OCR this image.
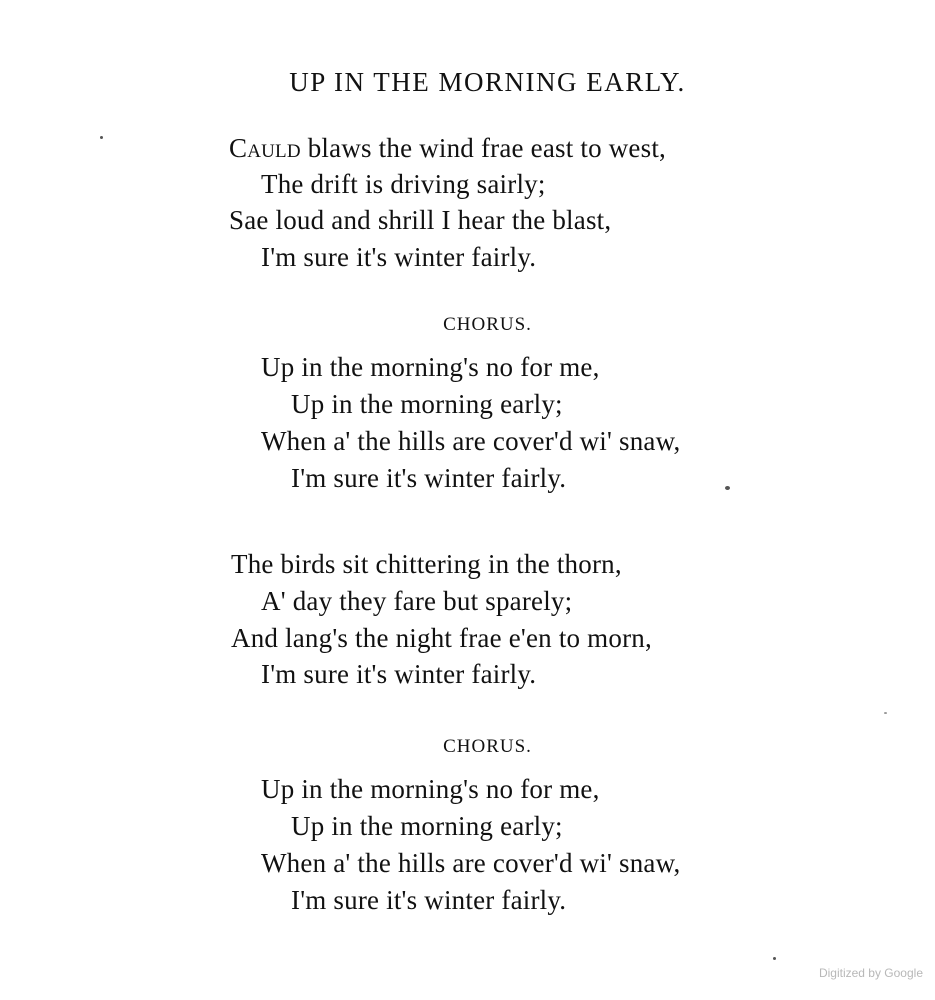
UP IN THE MORNING EARLY.
Cauld blaws the wind frae east to west,
The drift is driving sairly;
Sae loud and shrill I hear the blast,
I'm sure it's winter fairly.
CHORUS.
Up in the morning's no for me,
Up in the morning early;
When a' the hills are cover'd wi' snaw,
I'm sure it's winter fairly.
The birds sit chittering in the thorn,
A' day they fare but sparely;
And lang's the night frae e'en to morn,
I'm sure it's winter fairly.
CHORUS.
Up in the morning's no for me,
Up in the morning early;
When a' the hills are cover'd wi' snaw,
I'm sure it's winter fairly.
Digitized by Google
